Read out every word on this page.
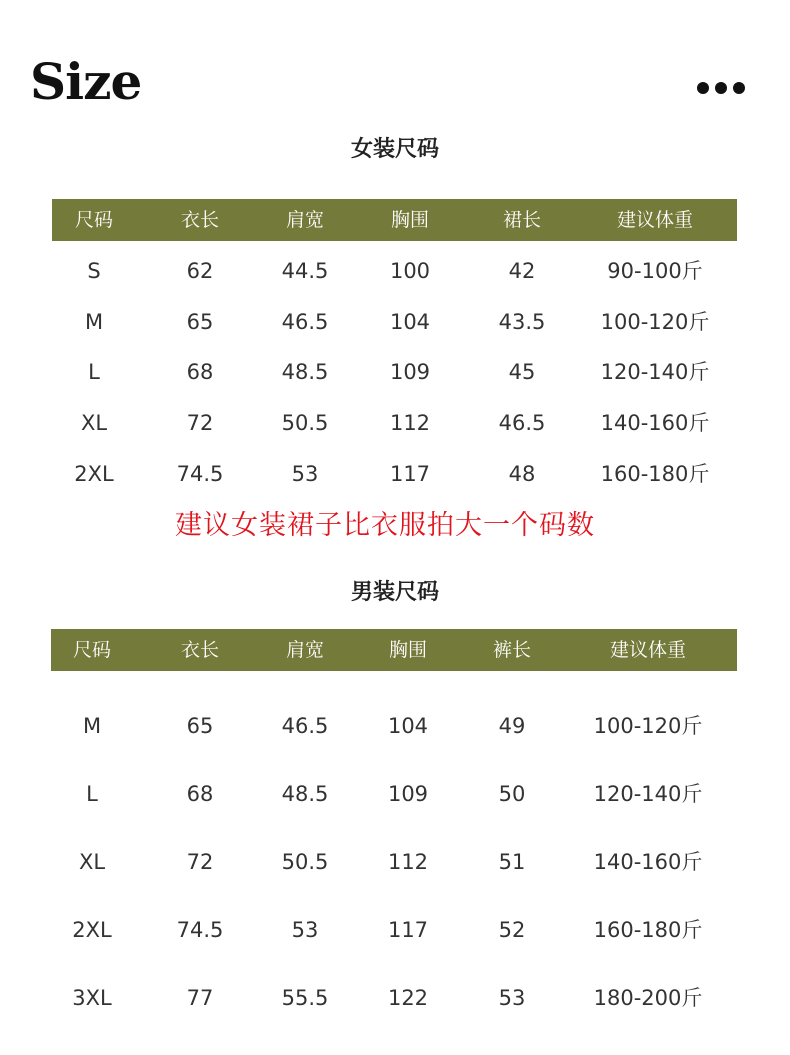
Size
女装尺码
尺码	衣长	肩宽	胸围	裙长	建议体重
S	62	44.5	100	42	90-100斤
M	65	46.5	104	43.5	100-120斤
L	68	48.5	109	45	120-140斤
XL	72	50.5	112	46.5	140-160斤
2XL	74.5	53	117	48	160-180斤
建议女装裙子比衣服拍大一个码数
男装尺码
尺码	衣长	肩宽	胸围	裤长	建议体重
M	65	46.5	104	49	100-120斤
L	68	48.5	109	50	120-140斤
XL	72	50.5	112	51	140-160斤
2XL	74.5	53	117	52	160-180斤
3XL	77	55.5	122	53	180-200斤
